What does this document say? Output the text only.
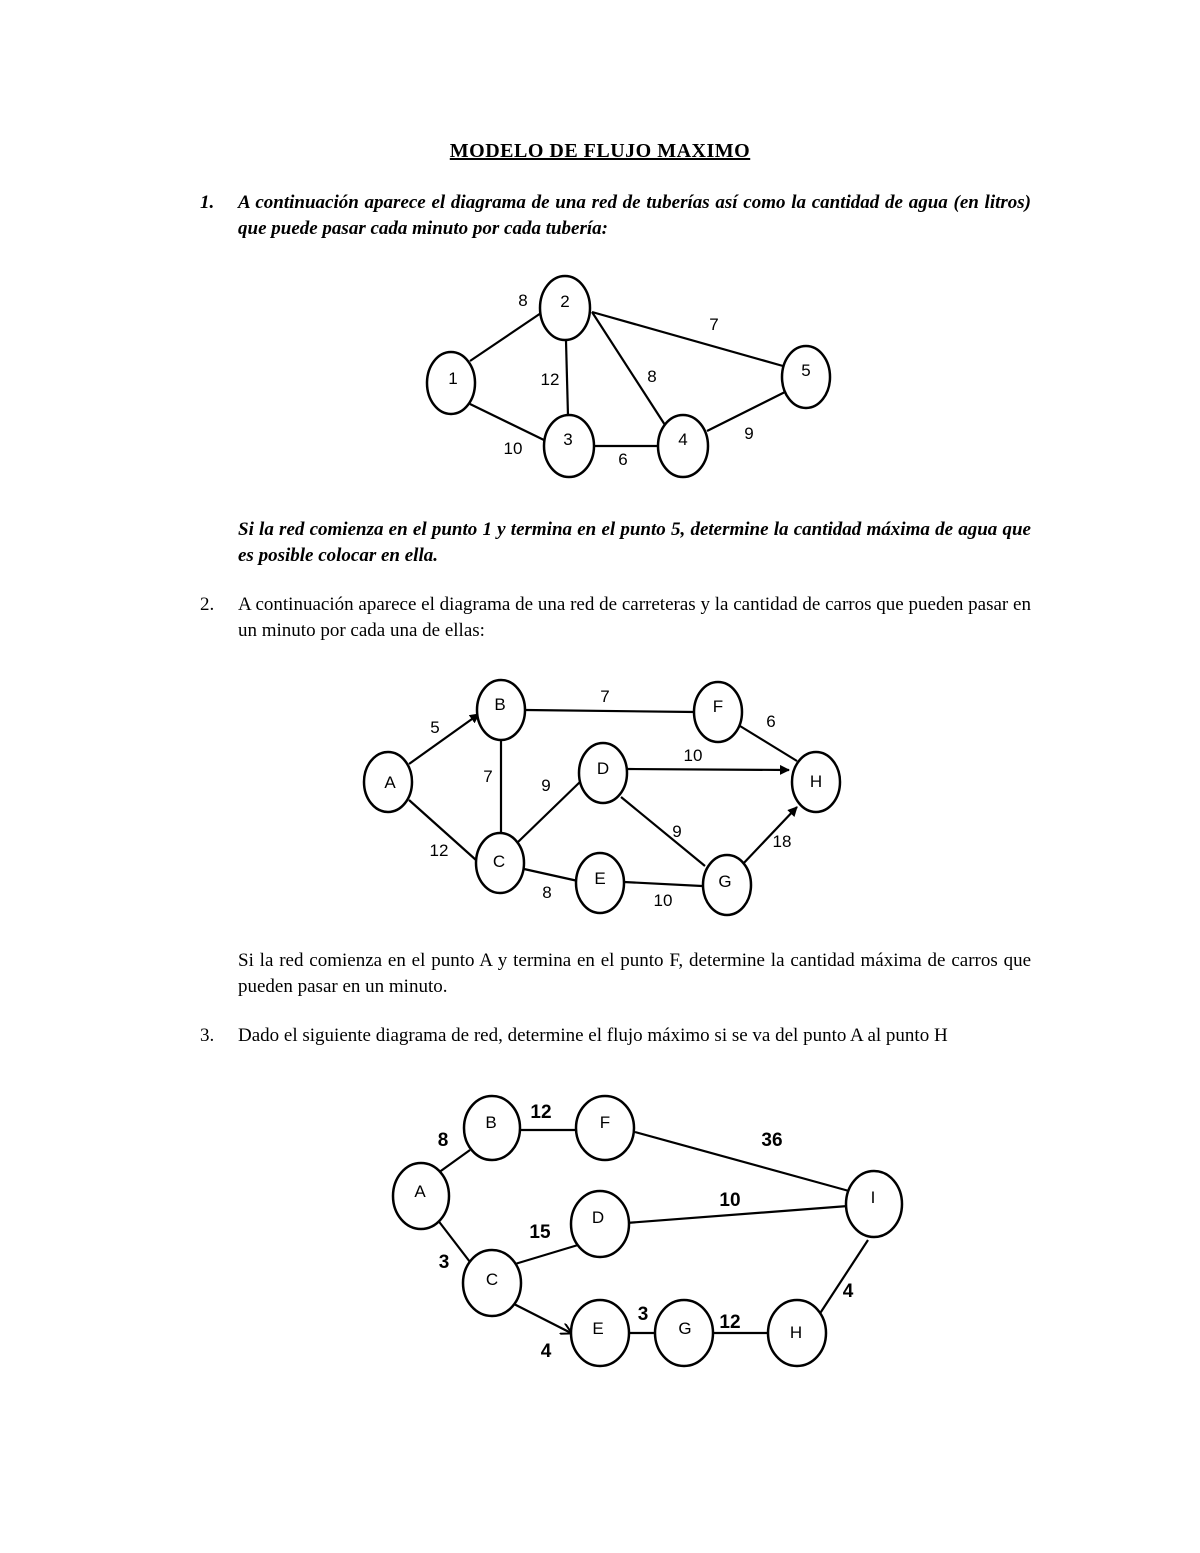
MODELO DE FLUJO MAXIMO
1. A continuación aparece el diagrama de una red de tuberías así como la cantidad de agua (en litros) que puede pasar cada minuto por cada tubería:
1
2
3	4
5
8
10
12	8
7
6
9
Si la red comienza en el punto 1 y termina en el punto 5, determine la cantidad máxima de agua que es posible colocar en ella.
2. A continuación aparece el diagrama de una red de carreteras y la cantidad de carros que pueden pasar en un minuto por cada una de ellas:
A
B
C
D
E
F
G
H
5
12
7
7
9
8
10
9
10
6
18
Si la red comienza en el punto A y termina en el punto F, determine la cantidad máxima de carros que pueden pasar en un minuto.
3. Dado el siguiente diagrama de red, determine el flujo máximo si se va del punto A al punto H
A
B
C
D
E
F
G	H
I
8
3
12
36
15
10
4
3	12
4
